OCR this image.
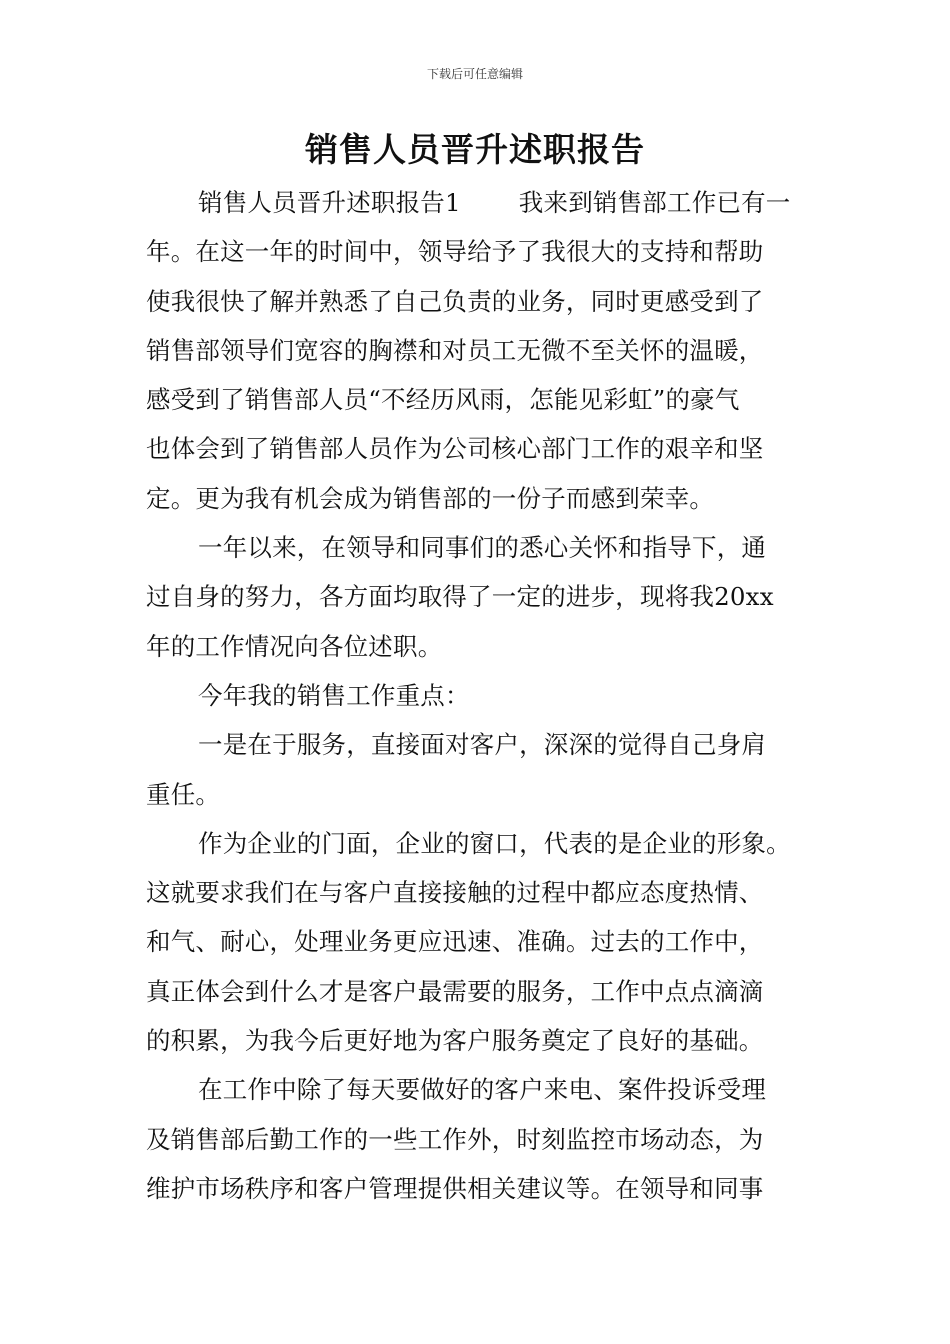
下载后可任意编辑
销售人员晋升述职报告
销售人员晋升述职报告1 我来到销售部工作已有一
年。在这一年的时间中，领导给予了我很大的支持和帮助
使我很快了解并熟悉了自己负责的业务，同时更感受到了
销售部领导们宽容的胸襟和对员工无微不至关怀的温暖，
感受到了销售部人员“不经历风雨，怎能见彩虹”的豪气
也体会到了销售部人员作为公司核心部门工作的艰辛和坚
定。更为我有机会成为销售部的一份子而感到荣幸。
一年以来，在领导和同事们的悉心关怀和指导下，通
过自身的努力，各方面均取得了一定的进步，现将我20xx
年的工作情况向各位述职。
今年我的销售工作重点：
一是在于服务，直接面对客户，深深的觉得自己身肩
重任。
作为企业的门面，企业的窗口，代表的是企业的形象。
这就要求我们在与客户直接接触的过程中都应态度热情、
和气、耐心，处理业务更应迅速、准确。过去的工作中，
真正体会到什么才是客户最需要的服务，工作中点点滴滴
的积累，为我今后更好地为客户服务奠定了良好的基础。
在工作中除了每天要做好的客户来电、案件投诉受理
及销售部后勤工作的一些工作外，时刻监控市场动态，为
维护市场秩序和客户管理提供相关建议等。在领导和同事
